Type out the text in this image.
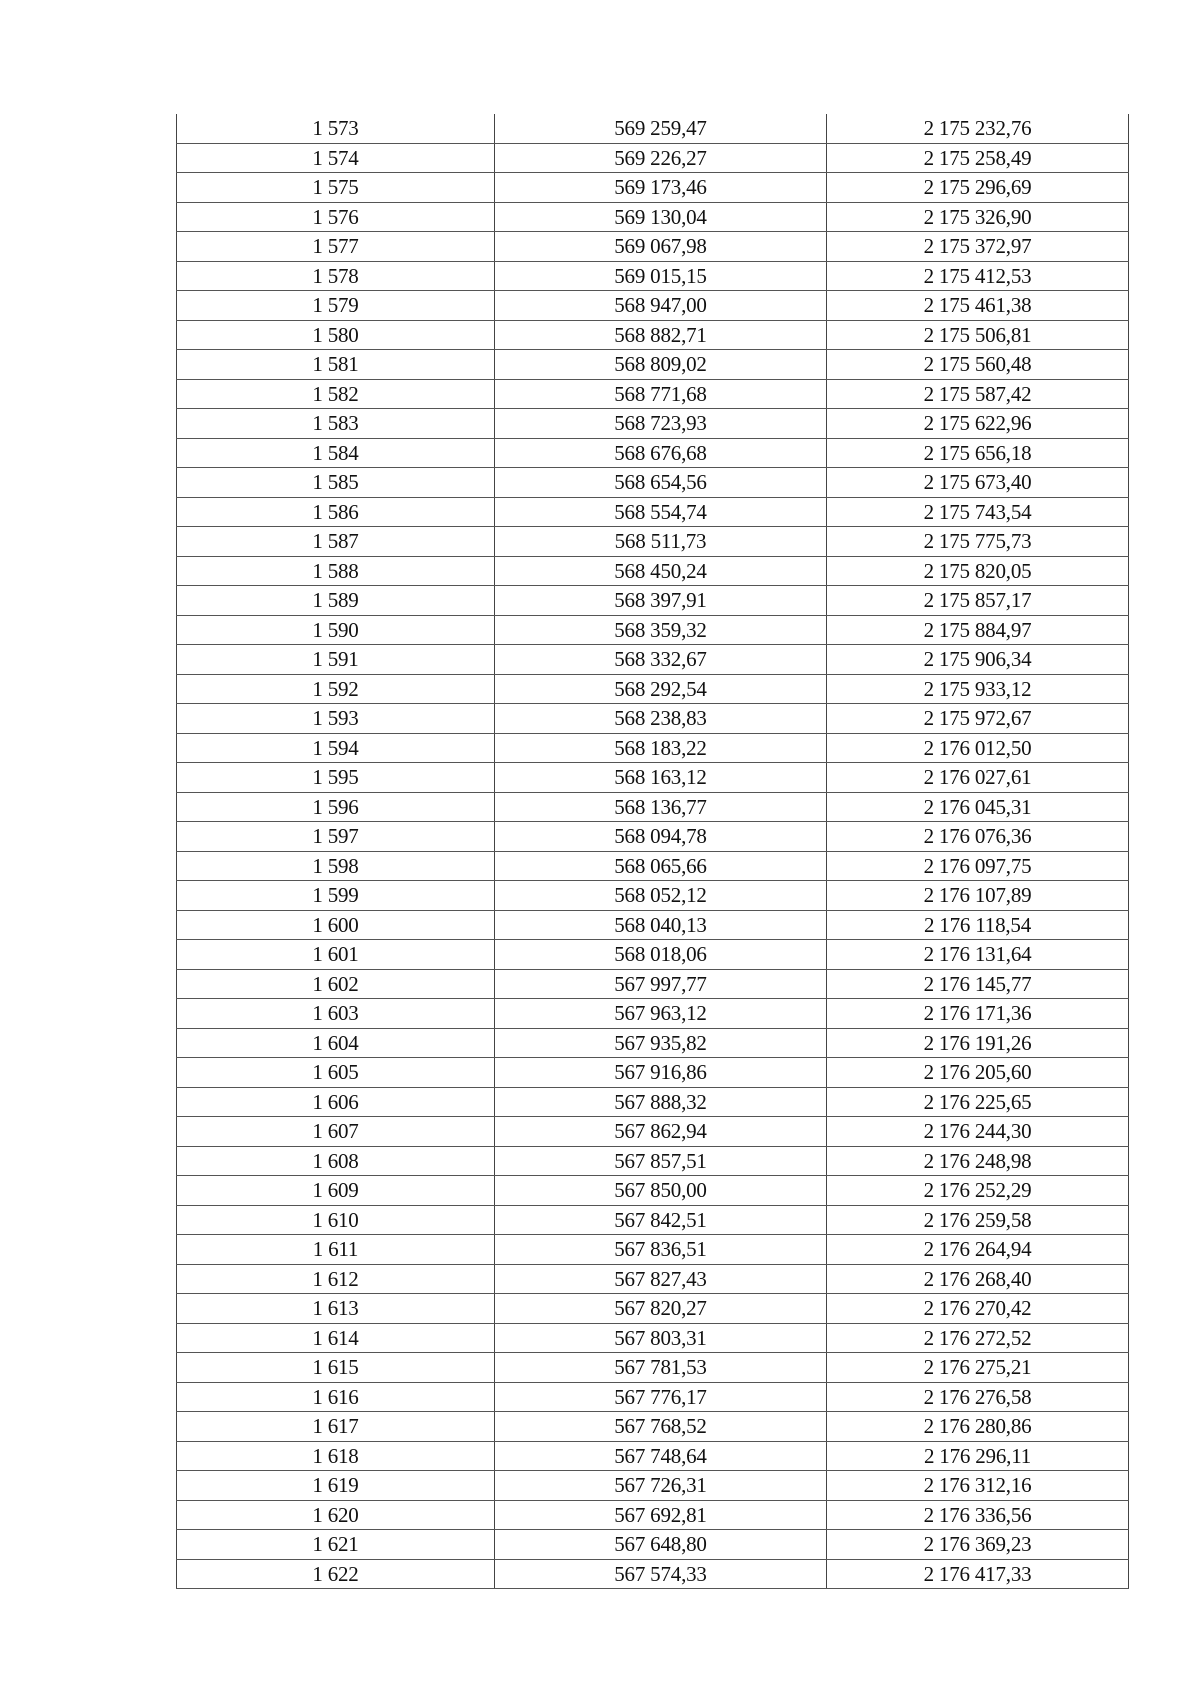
1 573	569 259,47	2 175 232,76
1 574	569 226,27	2 175 258,49
1 575	569 173,46	2 175 296,69
1 576	569 130,04	2 175 326,90
1 577	569 067,98	2 175 372,97
1 578	569 015,15	2 175 412,53
1 579	568 947,00	2 175 461,38
1 580	568 882,71	2 175 506,81
1 581	568 809,02	2 175 560,48
1 582	568 771,68	2 175 587,42
1 583	568 723,93	2 175 622,96
1 584	568 676,68	2 175 656,18
1 585	568 654,56	2 175 673,40
1 586	568 554,74	2 175 743,54
1 587	568 511,73	2 175 775,73
1 588	568 450,24	2 175 820,05
1 589	568 397,91	2 175 857,17
1 590	568 359,32	2 175 884,97
1 591	568 332,67	2 175 906,34
1 592	568 292,54	2 175 933,12
1 593	568 238,83	2 175 972,67
1 594	568 183,22	2 176 012,50
1 595	568 163,12	2 176 027,61
1 596	568 136,77	2 176 045,31
1 597	568 094,78	2 176 076,36
1 598	568 065,66	2 176 097,75
1 599	568 052,12	2 176 107,89
1 600	568 040,13	2 176 118,54
1 601	568 018,06	2 176 131,64
1 602	567 997,77	2 176 145,77
1 603	567 963,12	2 176 171,36
1 604	567 935,82	2 176 191,26
1 605	567 916,86	2 176 205,60
1 606	567 888,32	2 176 225,65
1 607	567 862,94	2 176 244,30
1 608	567 857,51	2 176 248,98
1 609	567 850,00	2 176 252,29
1 610	567 842,51	2 176 259,58
1 611	567 836,51	2 176 264,94
1 612	567 827,43	2 176 268,40
1 613	567 820,27	2 176 270,42
1 614	567 803,31	2 176 272,52
1 615	567 781,53	2 176 275,21
1 616	567 776,17	2 176 276,58
1 617	567 768,52	2 176 280,86
1 618	567 748,64	2 176 296,11
1 619	567 726,31	2 176 312,16
1 620	567 692,81	2 176 336,56
1 621	567 648,80	2 176 369,23
1 622	567 574,33	2 176 417,33
